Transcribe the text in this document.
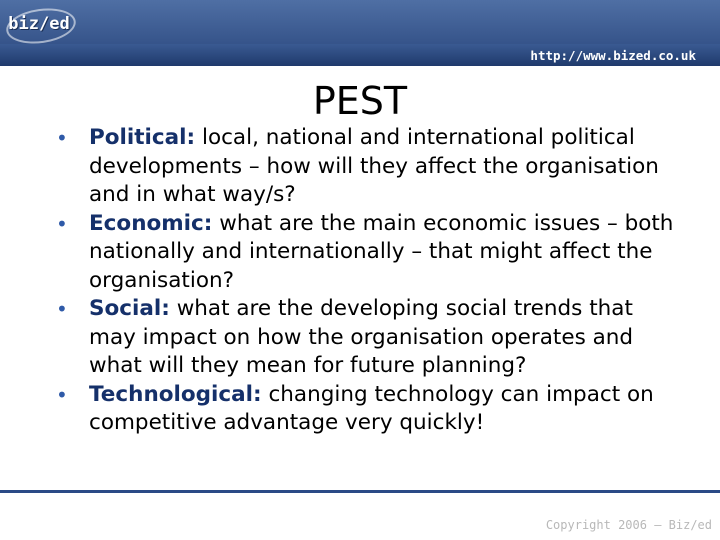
biz/ed
http://www.bized.co.uk
PEST
• Political: local, national and international political developments – how will they affect the organisation and in what way/s?
• Economic: what are the main economic issues – both nationally and internationally – that might affect the organisation?
• Social: what are the developing social trends that may impact on how the organisation operates and what will they mean for future planning?
• Technological: changing technology can impact on competitive advantage very quickly!
Copyright 2006 – Biz/ed
